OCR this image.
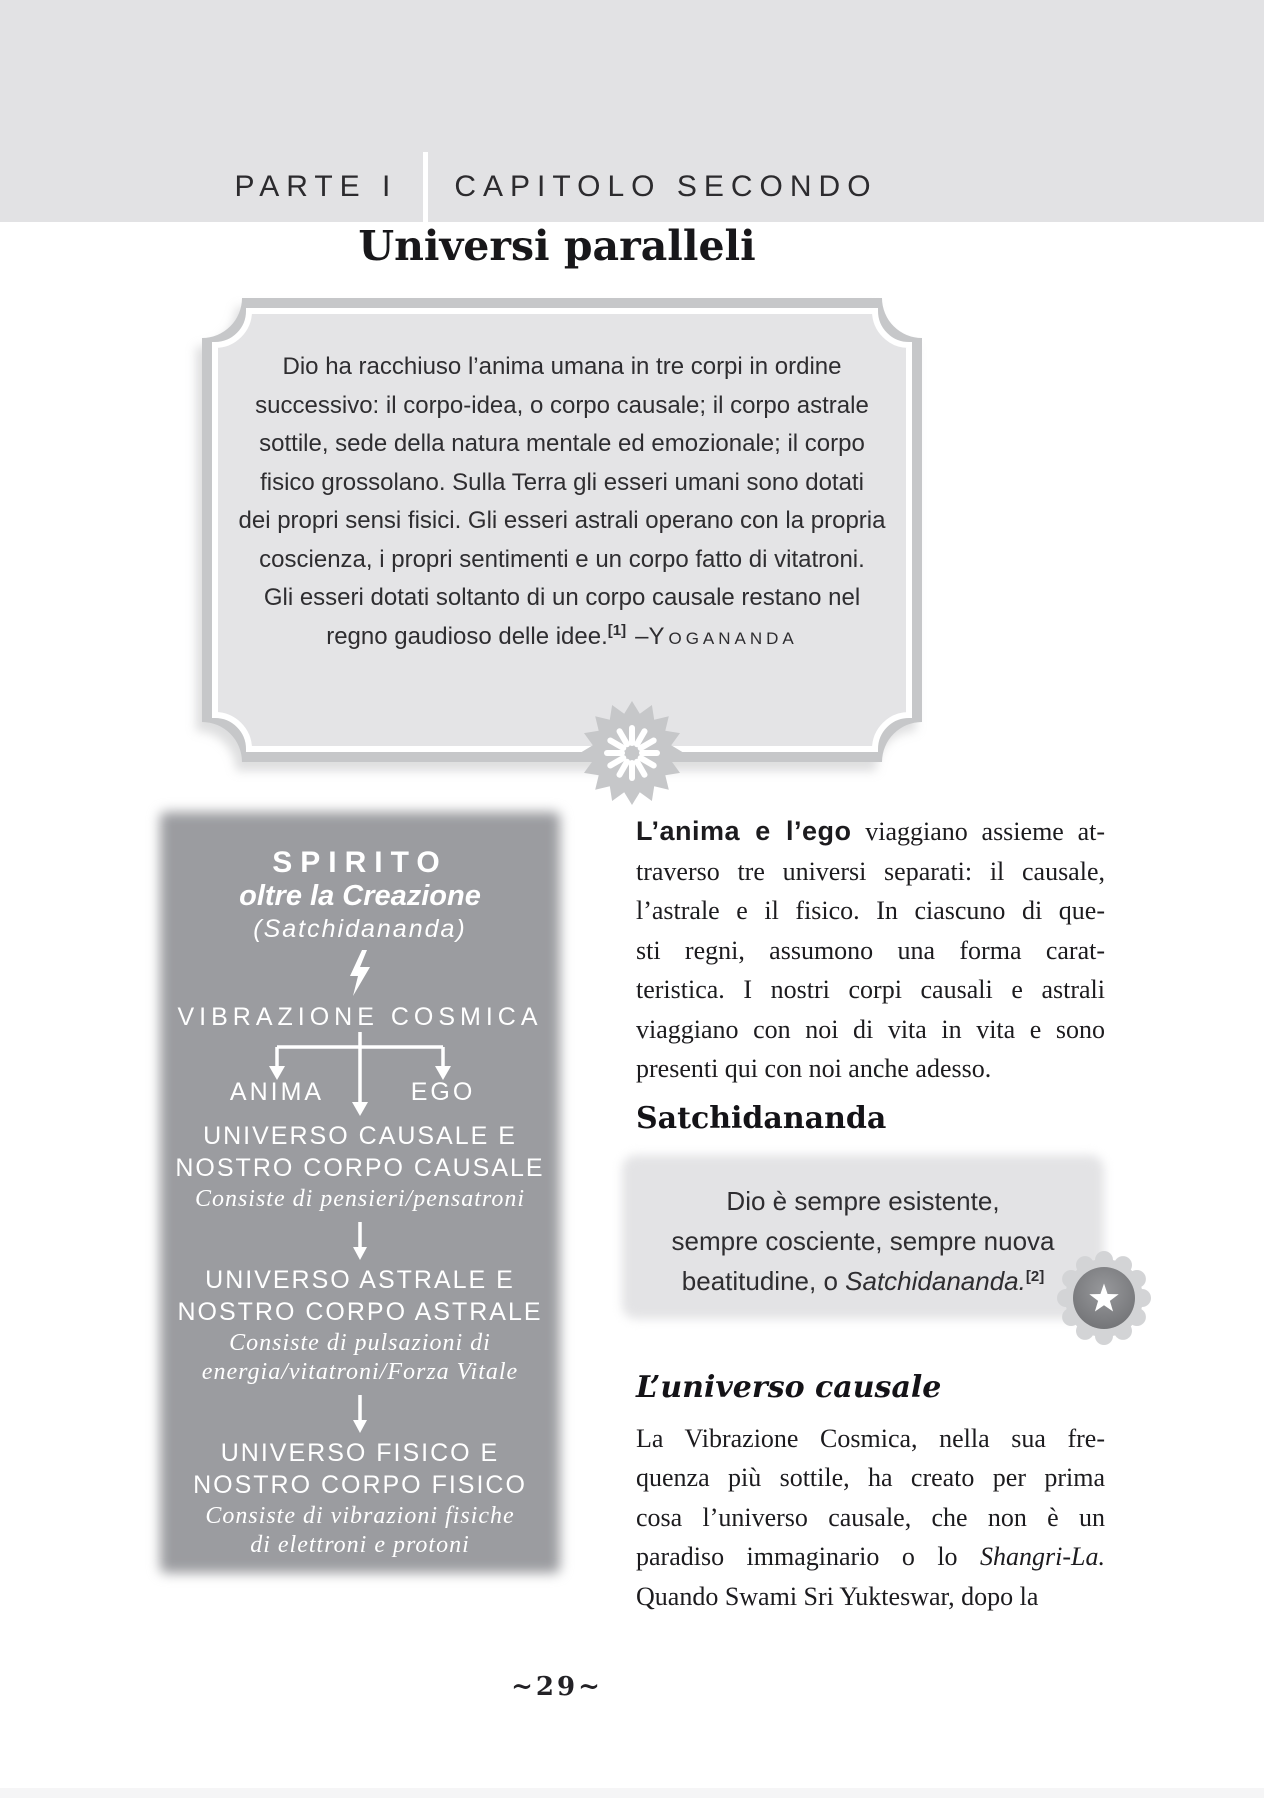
PARTE I CAPITOLO SECONDO
Universi paralleli
Dio ha racchiuso l’anima umana in tre corpi in ordine
successivo: il corpo-idea, o corpo causale; il corpo astrale
sottile, sede della natura mentale ed emozionale; il corpo
fisico grossolano. Sulla Terra gli esseri umani sono dotati
dei propri sensi fisici. Gli esseri astrali operano con la propria
coscienza, i propri sentimenti e un corpo fatto di vitatroni.
Gli esseri dotati soltanto di un corpo causale restano nel
regno gaudioso delle idee.[1] –Yogananda
SPIRITO
oltre la Creazione
(Satchidananda)
VIBRAZIONE COSMICA
ANIMA	EGO
UNIVERSO CAUSALE E
NOSTRO CORPO CAUSALE
Consiste di pensieri/pensatroni
UNIVERSO ASTRALE E
NOSTRO CORPO ASTRALE
Consiste di pulsazioni di
energia/vitatroni/Forza Vitale
UNIVERSO FISICO E
NOSTRO CORPO FISICO
Consiste di vibrazioni fisiche
di elettroni e protoni
L’anima e l’ego viaggiano assieme at-
traverso tre universi separati: il causale,
l’astrale e il fisico. In ciascuno di que-
sti regni, assumono una forma carat-
teristica. I nostri corpi causali e astrali
viaggiano con noi di vita in vita e sono
presenti qui con noi anche adesso.
Satchidananda
Dio è sempre esistente,
sempre cosciente, sempre nuova
beatitudine, o Satchidananda.[2]
L’universo causale
La Vibrazione Cosmica, nella sua fre-
quenza più sottile, ha creato per prima
cosa l’universo causale, che non è un
paradiso immaginario o lo Shangri-La.
Quando Swami Sri Yukteswar, dopo la
~29~
